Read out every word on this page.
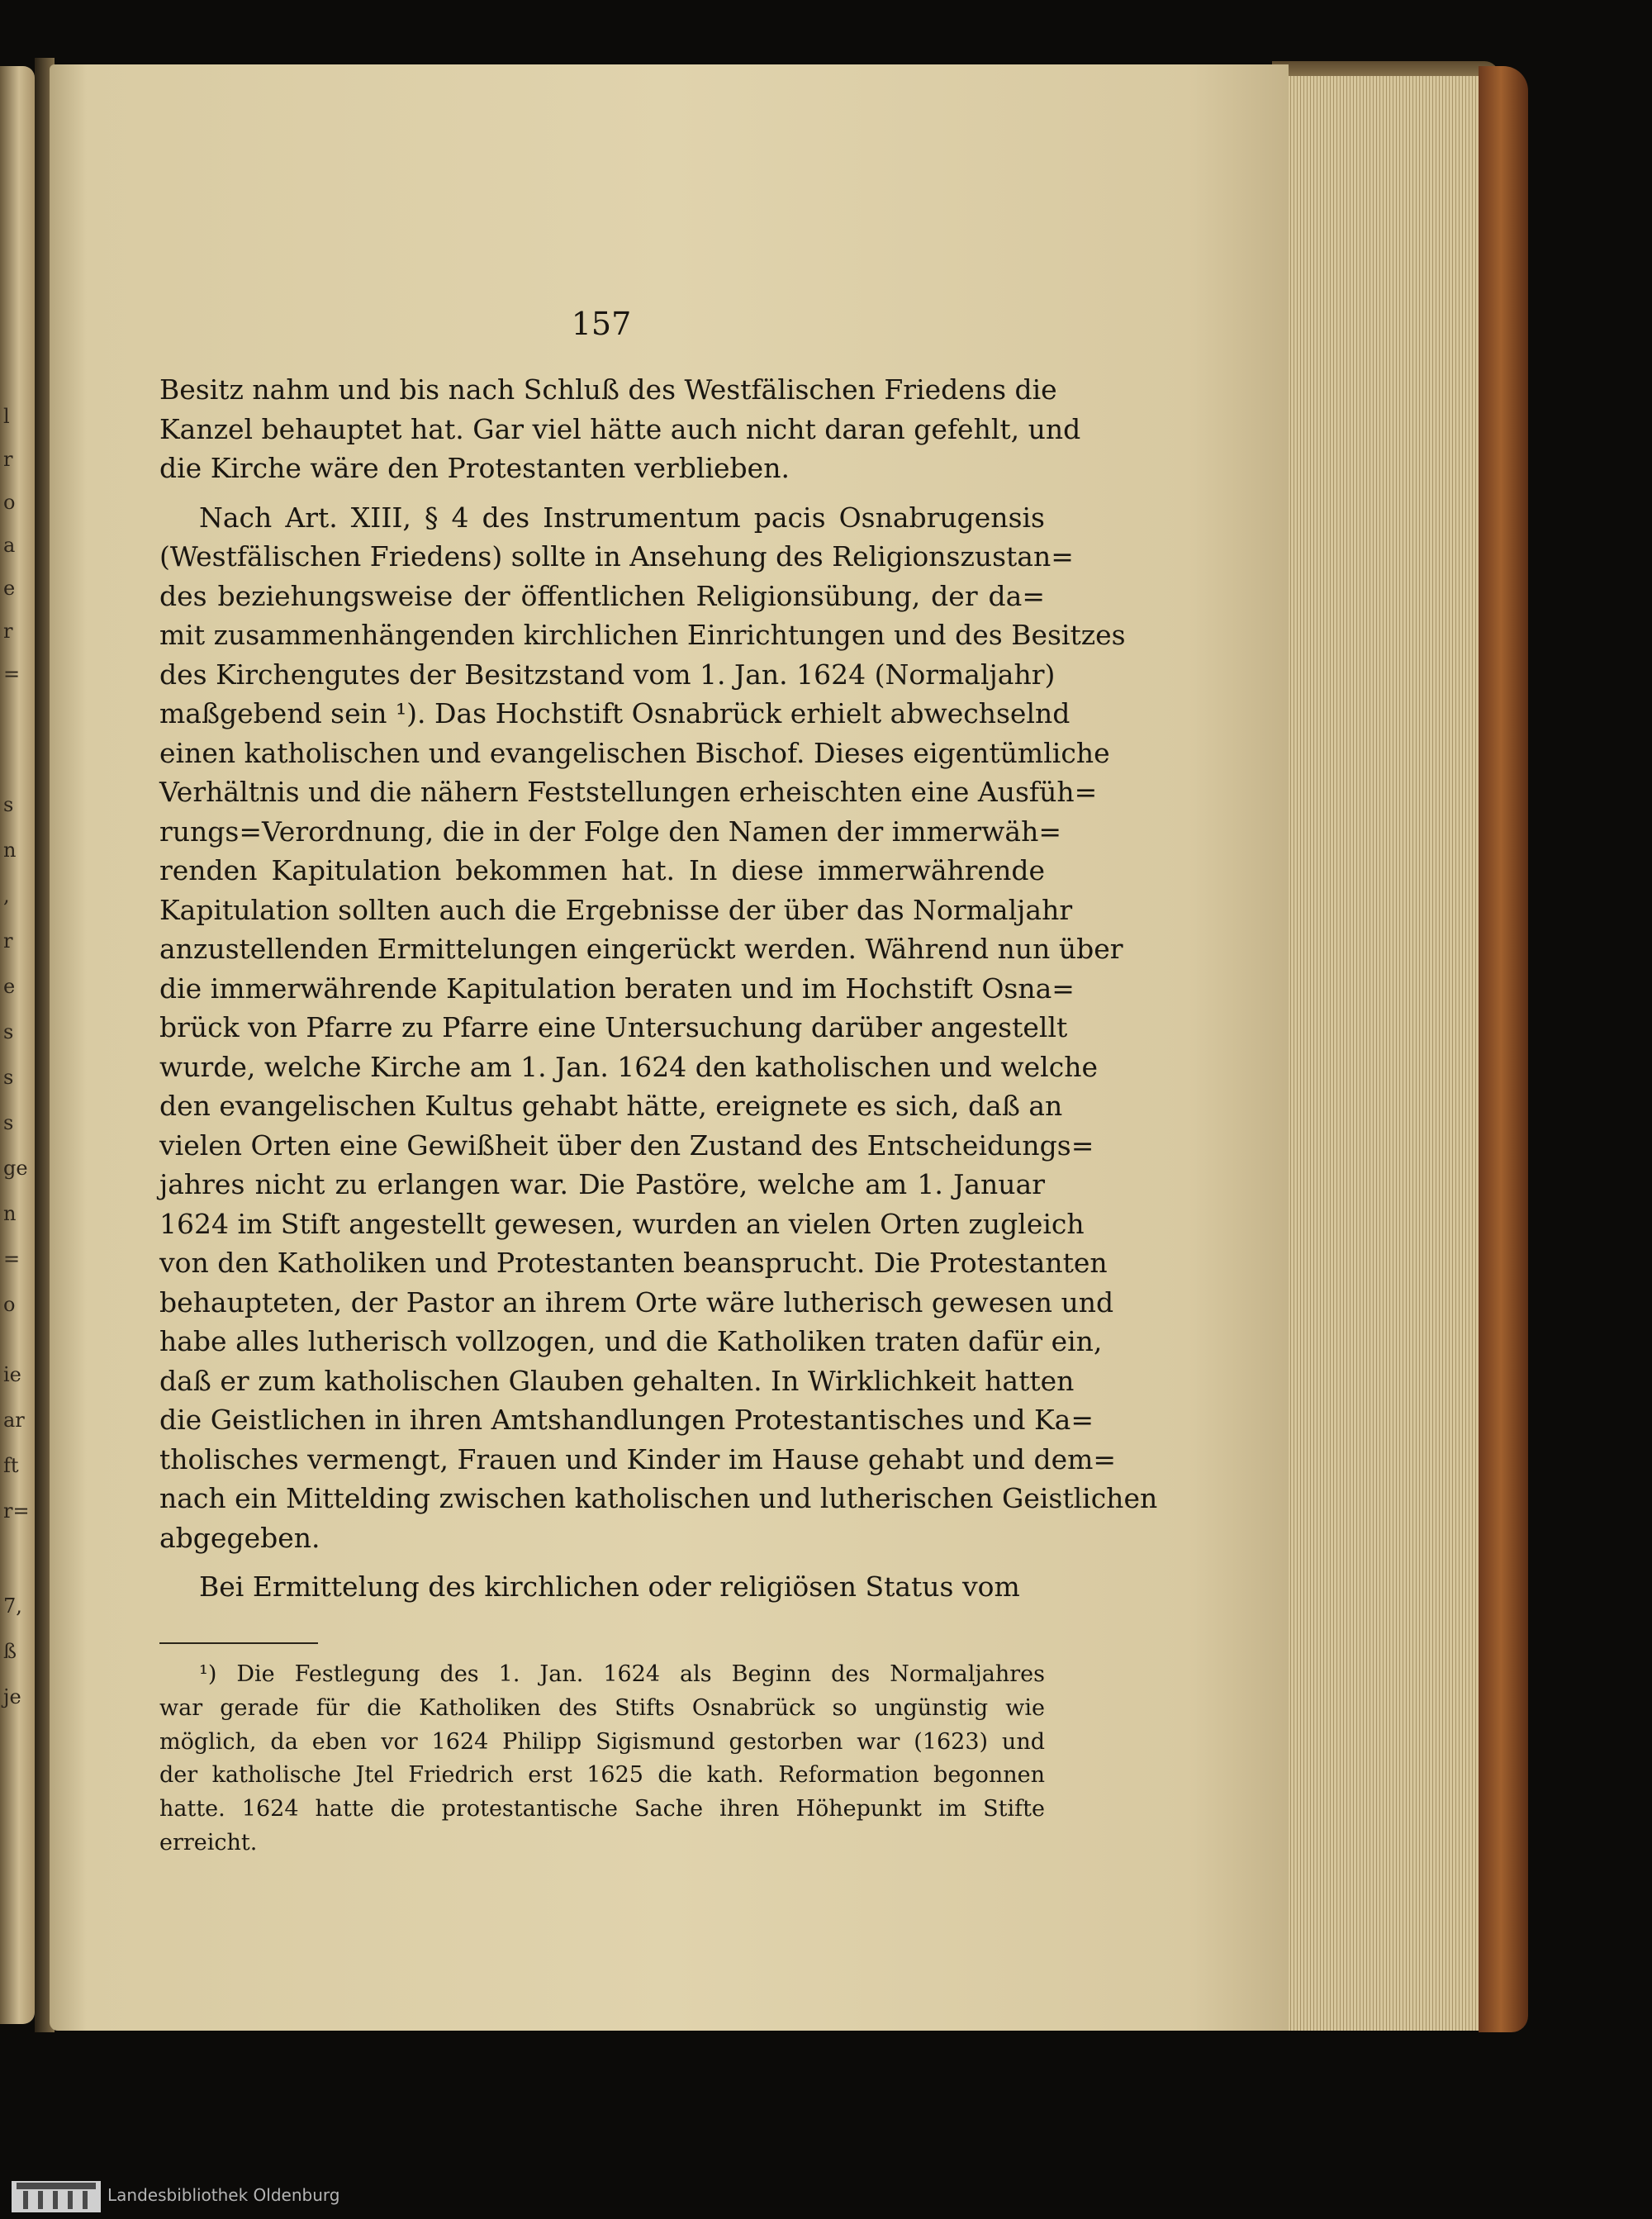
l
r
o
a
e
r
=
s
n
,
r
e
s
s
s
ge
n
=
o
ie
ar
ft
r=
7,
ß
je
157
Besitz nahm und bis nach Schluß des Westfälischen Friedens die
Kanzel behauptet hat. Gar viel hätte auch nicht daran gefehlt, und
die Kirche wäre den Protestanten verblieben.
Nach Art. XIII, § 4 des Instrumentum pacis Osnabrugensis
(Westfälischen Friedens) sollte in Ansehung des Religionszustan=
des beziehungsweise der öffentlichen Religionsübung, der da=
mit zusammenhängenden kirchlichen Einrichtungen und des Besitzes
des Kirchengutes der Besitzstand vom 1. Jan. 1624 (Normaljahr)
maßgebend sein ¹). Das Hochstift Osnabrück erhielt abwechselnd
einen katholischen und evangelischen Bischof. Dieses eigentümliche
Verhältnis und die nähern Feststellungen erheischten eine Ausfüh=
rungs=Verordnung, die in der Folge den Namen der immerwäh=
renden Kapitulation bekommen hat. In diese immerwährende
Kapitulation sollten auch die Ergebnisse der über das Normaljahr
anzustellenden Ermittelungen eingerückt werden. Während nun über
die immerwährende Kapitulation beraten und im Hochstift Osna=
brück von Pfarre zu Pfarre eine Untersuchung darüber angestellt
wurde, welche Kirche am 1. Jan. 1624 den katholischen und welche
den evangelischen Kultus gehabt hätte, ereignete es sich, daß an
vielen Orten eine Gewißheit über den Zustand des Entscheidungs=
jahres nicht zu erlangen war. Die Pastöre, welche am 1. Januar
1624 im Stift angestellt gewesen, wurden an vielen Orten zugleich
von den Katholiken und Protestanten beansprucht. Die Protestanten
behaupteten, der Pastor an ihrem Orte wäre lutherisch gewesen und
habe alles lutherisch vollzogen, und die Katholiken traten dafür ein,
daß er zum katholischen Glauben gehalten. In Wirklichkeit hatten
die Geistlichen in ihren Amtshandlungen Protestantisches und Ka=
tholisches vermengt, Frauen und Kinder im Hause gehabt und dem=
nach ein Mittelding zwischen katholischen und lutherischen Geistlichen
abgegeben.
Bei Ermittelung des kirchlichen oder religiösen Status vom
¹) Die Festlegung des 1. Jan. 1624 als Beginn des Normaljahres
war gerade für die Katholiken des Stifts Osnabrück so ungünstig wie
möglich, da eben vor 1624 Philipp Sigismund gestorben war (1623) und
der katholische Jtel Friedrich erst 1625 die kath. Reformation begonnen
hatte. 1624 hatte die protestantische Sache ihren Höhepunkt im Stifte
erreicht.
Landesbibliothek Oldenburg
